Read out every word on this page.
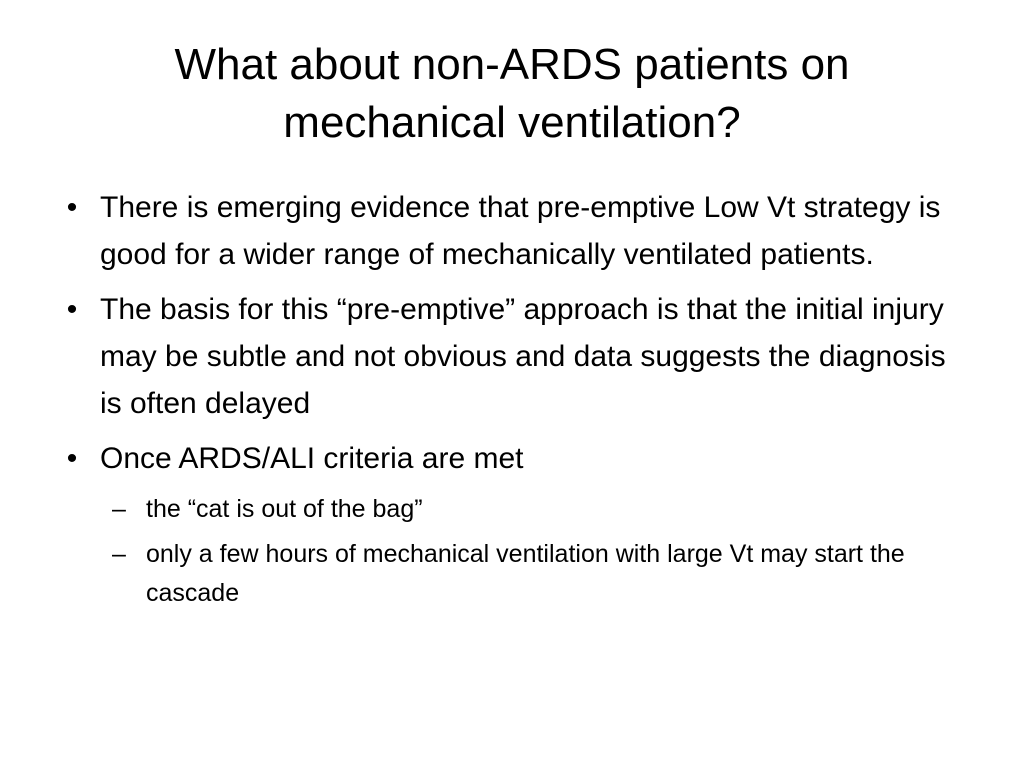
What about non-ARDS patients on
mechanical ventilation?
• There is emerging evidence that pre-emptive Low Vt strategy is good for a wider range of mechanically ventilated patients.
• The basis for this “pre-emptive” approach is that the initial injury may be subtle and not obvious and data suggests the diagnosis is often delayed
• Once ARDS/ALI criteria are met
– the “cat is out of the bag”
– only a few hours of mechanical ventilation with large Vt may start the cascade
